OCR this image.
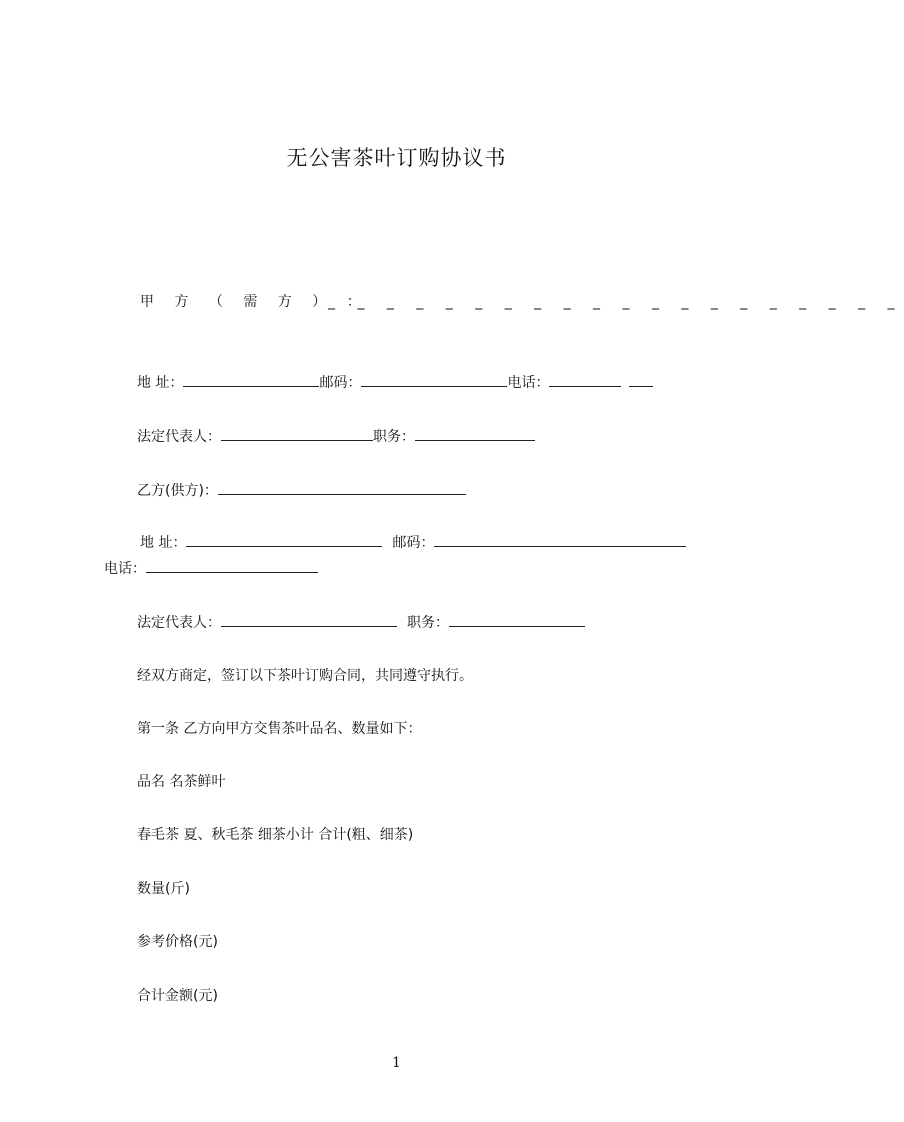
无公害茶叶订购协议书
甲 方 （ 需 方 ） ：
_ _ _ _ _ _ _ _ _ _ _ _ _ _ _ _ _ _ _ _
地 址：	邮码：	电话：
法定代表人：	职务：
乙方(供方)：
地 址：	邮码：
电话：
法定代表人：	职务：
经双方商定，签订以下茶叶订购合同，共同遵守执行。
第一条 乙方向甲方交售茶叶品名、数量如下：
品名 名茶鲜叶
春毛茶 夏、秋毛茶 细茶小计 合计(粗、细茶)
数量(斤)
参考价格(元)
合计金额(元)
1
